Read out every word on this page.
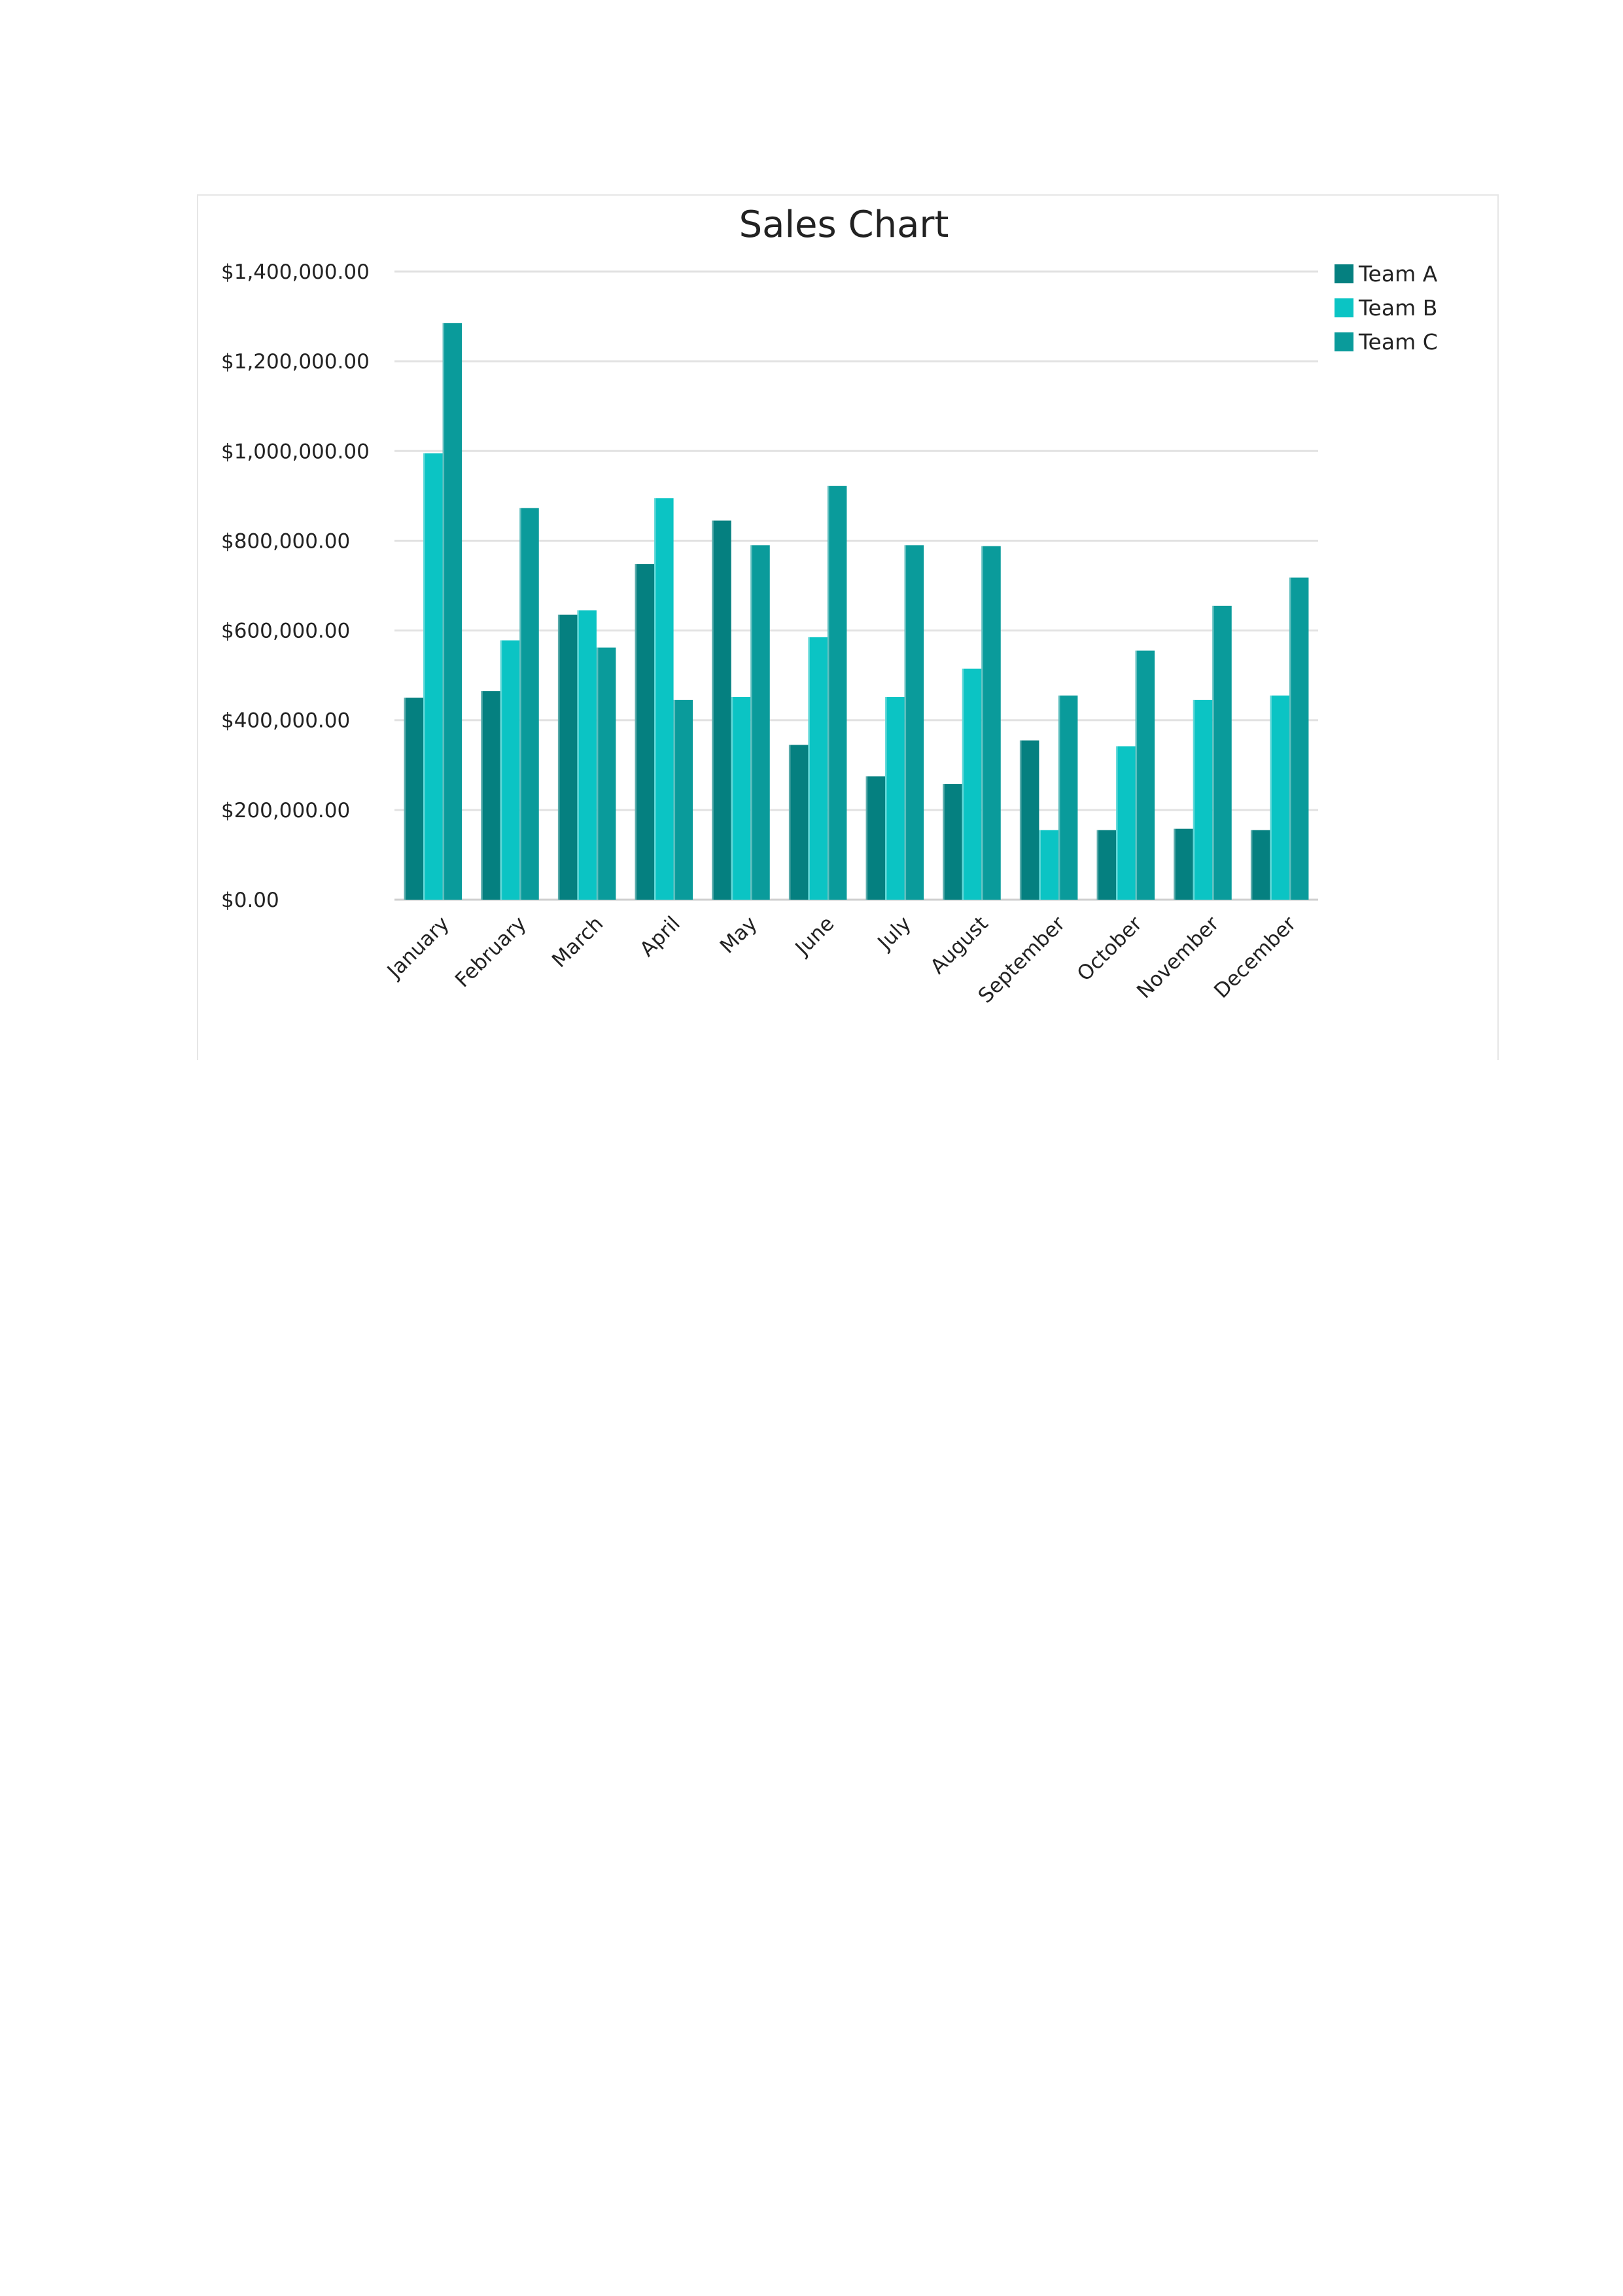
$0.00
$200,000.00
$400,000.00
$600,000.00
$800,000.00
$1,000,000.00
$1,200,000.00
$1,400,000.00
January
February March April May June July August
September October
November
December
Sales Chart
Team A
Team B
Team C
